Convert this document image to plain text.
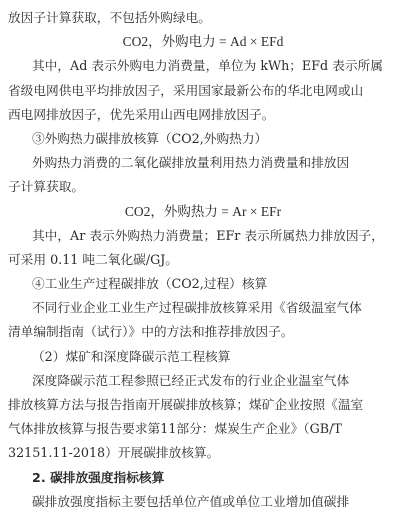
放因子计算获取，不包括外购绿电。
CO2，外购电力 = Ad × EFd
其中，Ad 表示外购电力消费量，单位为 kWh；EFd 表示所属
省级电网供电平均排放因子，采用国家最新公布的华北电网或山
西电网排放因子，优先采用山西电网排放因子。
③外购热力碳排放核算（CO2,外购热力）
外购热力消费的二氧化碳排放量利用热力消费量和排放因
子计算获取。
CO2，外购热力 = Ar × EFr
其中，Ar 表示外购热力消费量；EFr 表示所属热力排放因子，
可采用 0.11 吨二氧化碳/GJ。
④工业生产过程碳排放（CO2,过程）核算
不同行业企业工业生产过程碳排放核算采用《省级温室气体
清单编制指南（试行）》中的方法和推荐排放因子。
（2）煤矿和深度降碳示范工程核算
深度降碳示范工程参照已经正式发布的行业企业温室气体
排放核算方法与报告指南开展碳排放核算；煤矿企业按照《温室
气体排放核算与报告要求第11部分：煤炭生产企业》（GB/T
32151.11-2018）开展碳排放核算。
2. 碳排放强度指标核算
碳排放强度指标主要包括单位产值或单位工业增加值碳排
